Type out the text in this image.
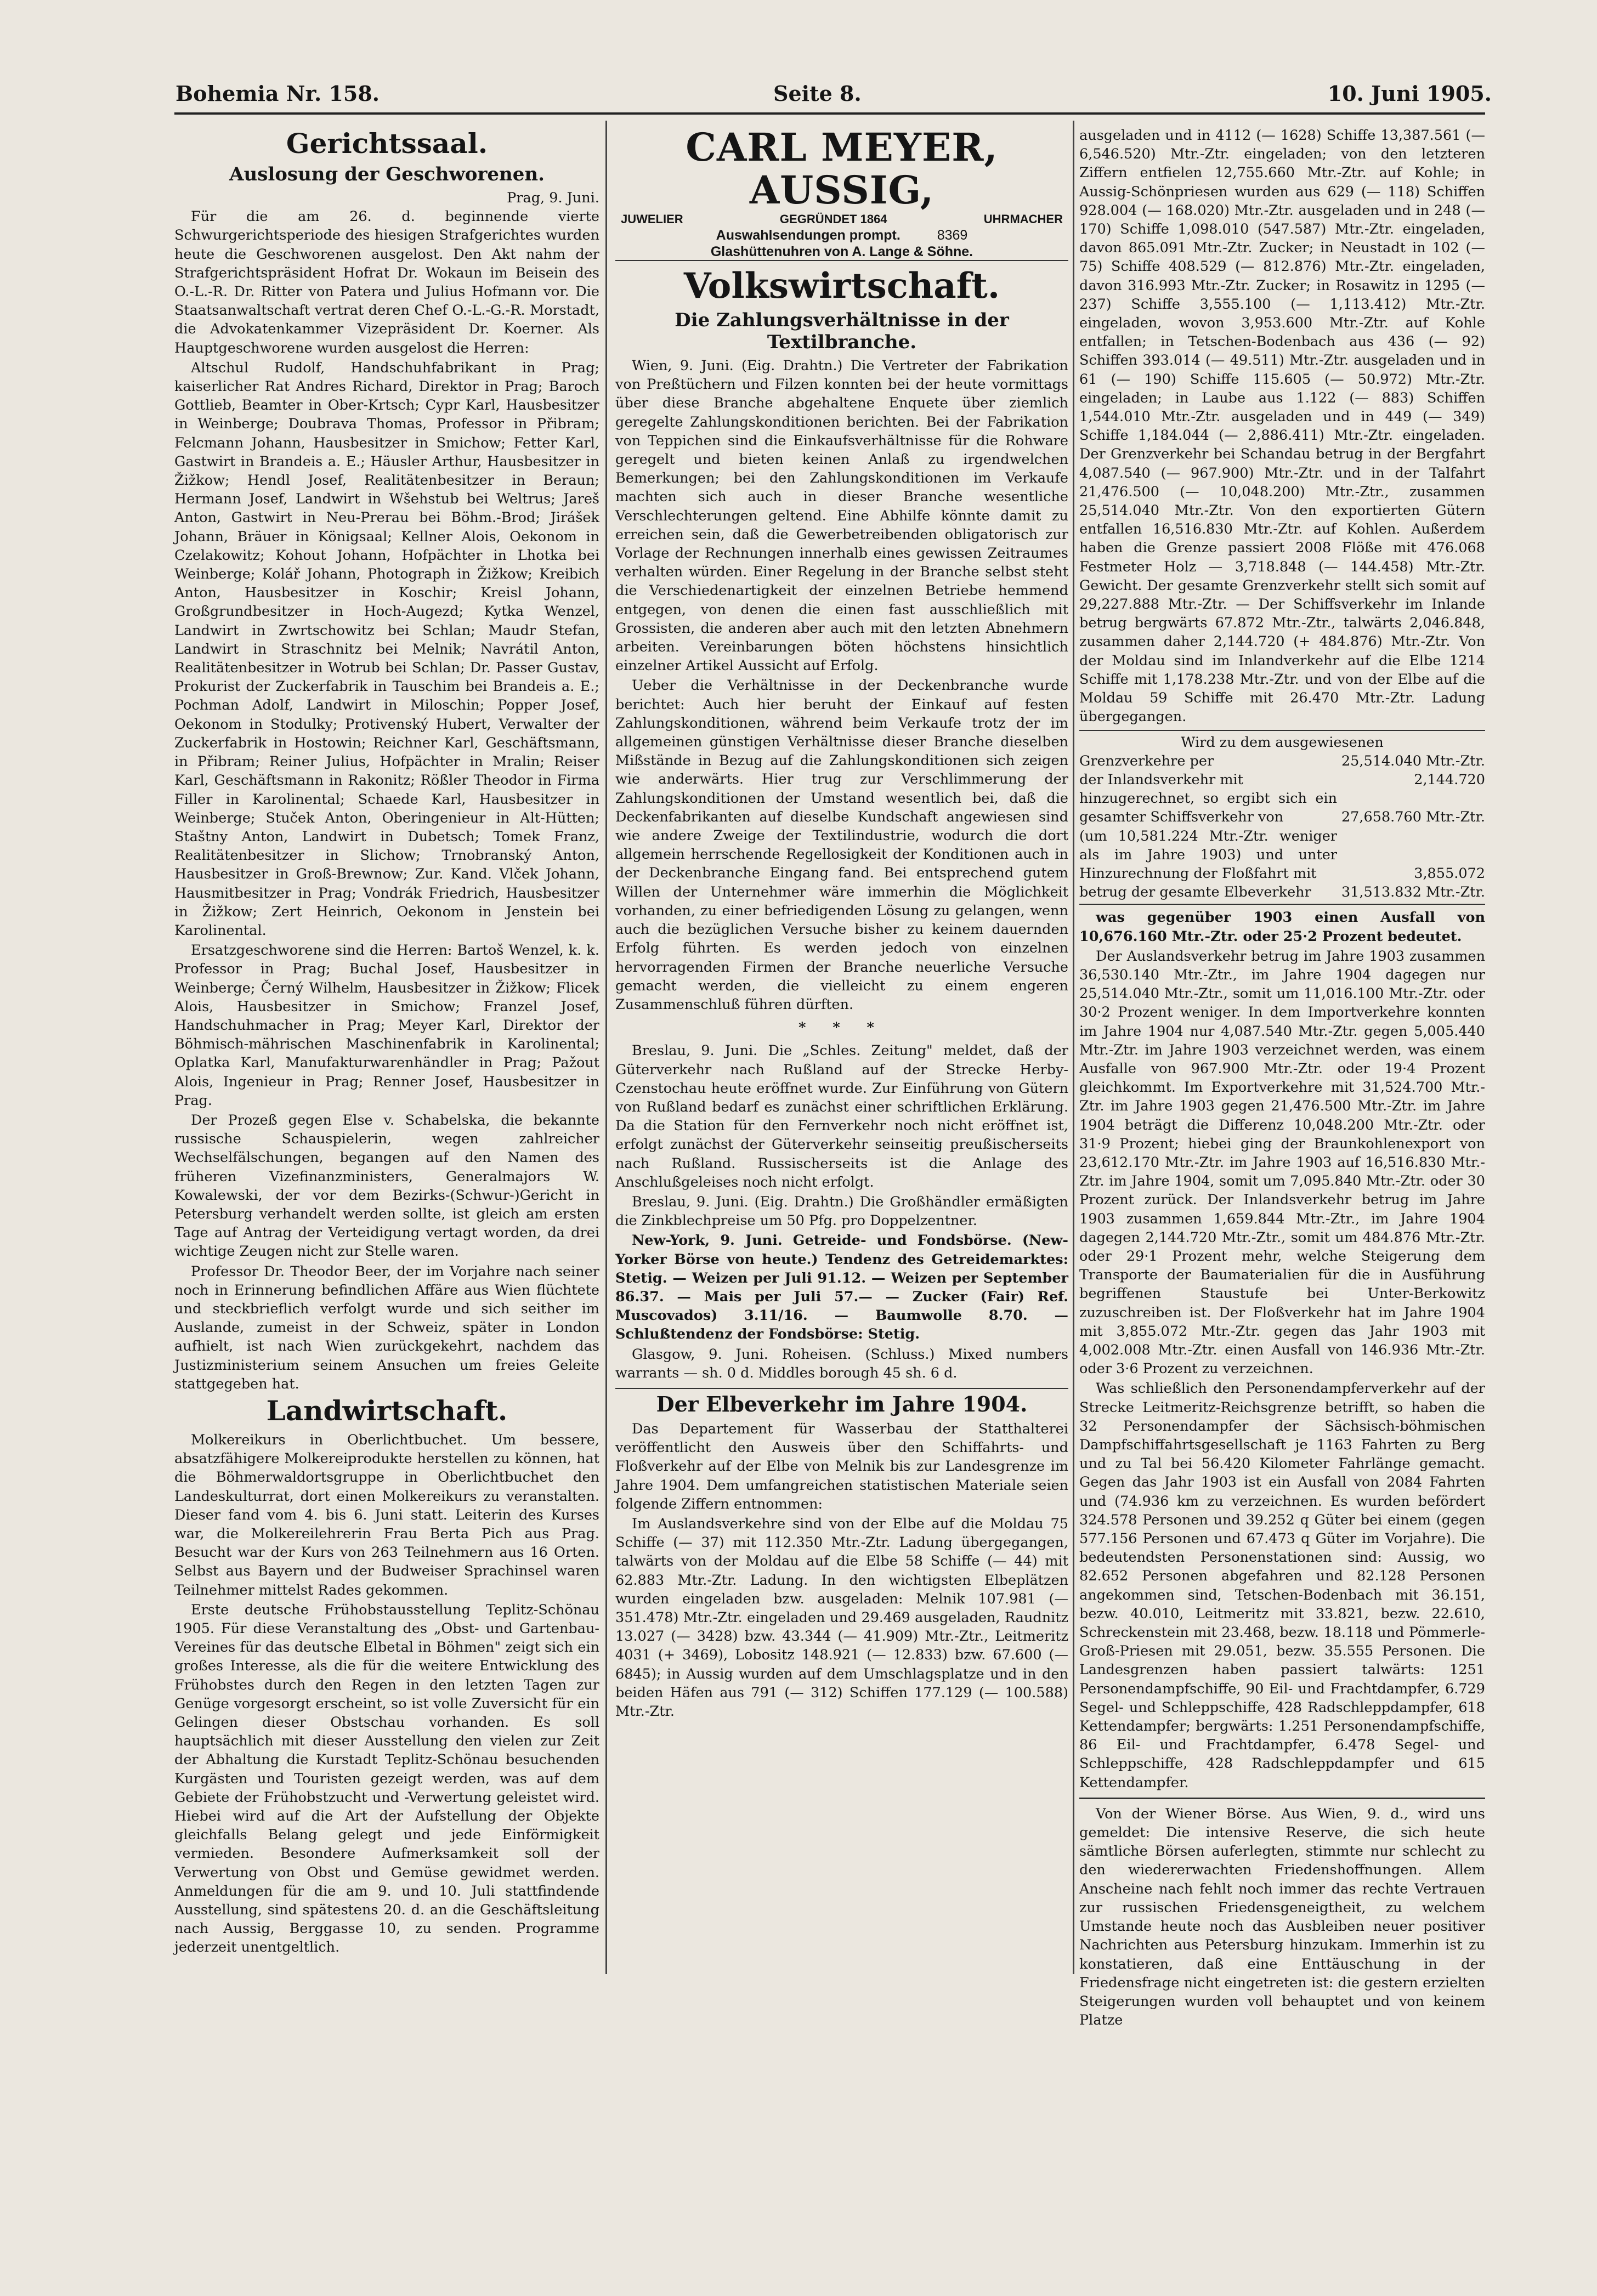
Bohemia Nr. 158.	Seite 8.	10. Juni 1905.
Gerichtssaal.
Auslosung der Geschworenen.

Prag, 9. Juni.

Für die am 26. d. beginnende vierte Schwurgerichtsperiode des hiesigen Strafgerichtes wurden heute die Geschworenen ausgelost. Den Akt nahm der Strafgerichtspräsident Hofrat Dr. Wokaun im Beisein des O.-L.-R. Dr. Ritter von Patera und Julius Hofmann vor. Die Staatsanwaltschaft vertrat deren Chef O.-L.-G.-R. Morstadt, die Advokatenkammer Vizepräsident Dr. Koerner. Als Hauptgeschworene wurden ausgelost die Herren:

Altschul Rudolf, Handschuhfabrikant in Prag; kaiserlicher Rat Andres Richard, Direktor in Prag; Baroch Gottlieb, Beamter in Ober-Krtsch; Cypr Karl, Hausbesitzer in Weinberge; Doubrava Thomas, Professor in Přibram; Felcmann Johann, Hausbesitzer in Smichow; Fetter Karl, Gastwirt in Brandeis a. E.; Häusler Arthur, Hausbesitzer in Žižkow; Hendl Josef, Realitätenbesitzer in Beraun; Hermann Josef, Landwirt in Wšehstub bei Weltrus; Jareš Anton, Gastwirt in Neu-Prerau bei Böhm.-Brod; Jirášek Johann, Bräuer in Königsaal; Kellner Alois, Oekonom in Czelakowitz; Kohout Johann, Hofpächter in Lhotka bei Weinberge; Kolář Johann, Photograph in Žižkow; Kreibich Anton, Hausbesitzer in Koschir; Kreisl Johann, Großgrundbesitzer in Hoch-Augezd; Kytka Wenzel, Landwirt in Zwrtschowitz bei Schlan; Maudr Stefan, Landwirt in Straschnitz bei Melnik; Navrátil Anton, Realitätenbesitzer in Wotrub bei Schlan; Dr. Passer Gustav, Prokurist der Zuckerfabrik in Tauschim bei Brandeis a. E.; Pochman Adolf, Landwirt in Miloschin; Popper Josef, Oekonom in Stodulky; Protivenský Hubert, Verwalter der Zuckerfabrik in Hostowin; Reichner Karl, Geschäftsmann, in Přibram; Reiner Julius, Hofpächter in Mralin; Reiser Karl, Geschäftsmann in Rakonitz; Rößler Theodor in Firma Filler in Karolinental; Schaede Karl, Hausbesitzer in Weinberge; Stuček Anton, Oberingenieur in Alt-Hütten; Staštny Anton, Landwirt in Dubetsch; Tomek Franz, Realitätenbesitzer in Slichow; Trnobranský Anton, Hausbesitzer in Groß-Brewnow; Zur. Kand. Vlček Johann, Hausmitbesitzer in Prag; Vondrák Friedrich, Hausbesitzer in Žižkow; Zert Heinrich, Oekonom in Jenstein bei Karolinental.

Ersatzgeschworene sind die Herren: Bartoš Wenzel, k. k. Professor in Prag; Buchal Josef, Hausbesitzer in Weinberge; Černý Wilhelm, Hausbesitzer in Žižkow; Flicek Alois, Hausbesitzer in Smichow; Franzel Josef, Handschuhmacher in Prag; Meyer Karl, Direktor der Böhmisch-mährischen Maschinenfabrik in Karolinental; Oplatka Karl, Manufakturwarenhändler in Prag; Pažout Alois, Ingenieur in Prag; Renner Josef, Hausbesitzer in Prag.

Der Prozeß gegen Else v. Schabelska, die bekannte russische Schauspielerin, wegen zahlreicher Wechselfälschungen, begangen auf den Namen des früheren Vizefinanzministers, Generalmajors W. Kowalewski, der vor dem Bezirks-(Schwur-)Gericht in Petersburg verhandelt werden sollte, ist gleich am ersten Tage auf Antrag der Verteidigung vertagt worden, da drei wichtige Zeugen nicht zur Stelle waren.

Professor Dr. Theodor Beer, der im Vorjahre nach seiner noch in Erinnerung befindlichen Affäre aus Wien flüchtete und steckbrieflich verfolgt wurde und sich seither im Auslande, zumeist in der Schweiz, später in London aufhielt, ist nach Wien zurückgekehrt, nachdem das Justizministerium seinem Ansuchen um freies Geleite stattgegeben hat.

Landwirtschaft.

Molkereikurs in Oberlichtbuchet. Um bessere, absatzfähigere Molkereiprodukte herstellen zu können, hat die Böhmerwaldortsgruppe in Oberlichtbuchet den Landeskulturrat, dort einen Molkereikurs zu veranstalten. Dieser fand vom 4. bis 6. Juni statt. Leiterin des Kurses war, die Molkereilehrerin Frau Berta Pich aus Prag. Besucht war der Kurs von 263 Teilnehmern aus 16 Orten. Selbst aus Bayern und der Budweiser Sprachinsel waren Teilnehmer mittelst Rades gekommen.

Erste deutsche Frühobstausstellung Teplitz-Schönau 1905. Für diese Veranstaltung des „Obst- und Gartenbau-Vereines für das deutsche Elbetal in Böhmen" zeigt sich ein großes Interesse, als die für die weitere Entwicklung des Frühobstes durch den Regen in den letzten Tagen zur Genüge vorgesorgt erscheint, so ist volle Zuversicht für ein Gelingen dieser Obstschau vorhanden. Es soll hauptsächlich mit dieser Ausstellung den vielen zur Zeit der Abhaltung die Kurstadt Teplitz-Schönau besuchenden Kurgästen und Touristen gezeigt werden, was auf dem Gebiete der Frühobstzucht und -Verwertung geleistet wird. Hiebei wird auf die Art der Aufstellung der Objekte gleichfalls Belang gelegt und jede Einförmigkeit vermieden. Besondere Aufmerksamkeit soll der Verwertung von Obst und Gemüse gewidmet werden. Anmeldungen für die am 9. und 10. Juli stattfindende Ausstellung, sind spätestens 20. d. an die Geschäftsleitung nach Aussig, Berggasse 10, zu senden. Programme jederzeit unentgeltlich.

CARL MEYER, AUSSIG,
JUWELIER	GEGRÜNDET 1864	UHRMACHER
Auswahlsendungen prompt.	8369
Glashüttenuhren von A. Lange & Söhne.
Volkswirtschaft.
Die Zahlungsverhältnisse in der Textilbranche.

Wien, 9. Juni. (Eig. Drahtn.) Die Vertreter der Fabrikation von Preßtüchern und Filzen konnten bei der heute vormittags über diese Branche abgehaltene Enquete über ziemlich geregelte Zahlungskonditionen berichten. Bei der Fabrikation von Teppichen sind die Einkaufsverhältnisse für die Rohware geregelt und bieten keinen Anlaß zu irgendwelchen Bemerkungen; bei den Zahlungskonditionen im Verkaufe machten sich auch in dieser Branche wesentliche Verschlechterungen geltend. Eine Abhilfe könnte damit zu erreichen sein, daß die Gewerbetreibenden obligatorisch zur Vorlage der Rechnungen innerhalb eines gewissen Zeitraumes verhalten würden. Einer Regelung in der Branche selbst steht die Verschiedenartigkeit der einzelnen Betriebe hemmend entgegen, von denen die einen fast ausschließlich mit Grossisten, die anderen aber auch mit den letzten Abnehmern arbeiten. Vereinbarungen böten höchstens hinsichtlich einzelner Artikel Aussicht auf Erfolg.

Ueber die Verhältnisse in der Deckenbranche wurde berichtet: Auch hier beruht der Einkauf auf festen Zahlungskonditionen, während beim Verkaufe trotz der im allgemeinen günstigen Verhältnisse dieser Branche dieselben Mißstände in Bezug auf die Zahlungskonditionen sich zeigen wie anderwärts. Hier trug zur Verschlimmerung der Zahlungskonditionen der Umstand wesentlich bei, daß die Deckenfabrikanten auf dieselbe Kundschaft angewiesen sind wie andere Zweige der Textilindustrie, wodurch die dort allgemein herrschende Regellosigkeit der Konditionen auch in der Deckenbranche Eingang fand. Bei entsprechend gutem Willen der Unternehmer wäre immerhin die Möglichkeit vorhanden, zu einer befriedigenden Lösung zu gelangen, wenn auch die bezüglichen Versuche bisher zu keinem dauernden Erfolg führten. Es werden jedoch von einzelnen hervorragenden Firmen der Branche neuerliche Versuche gemacht werden, die vielleicht zu einem engeren Zusammenschluß führen dürften.

* * *

Breslau, 9. Juni. Die „Schles. Zeitung" meldet, daß der Güterverkehr nach Rußland auf der Strecke Herby-Czenstochau heute eröffnet wurde. Zur Einführung von Gütern von Rußland bedarf es zunächst einer schriftlichen Erklärung. Da die Station für den Fernverkehr noch nicht eröffnet ist, erfolgt zunächst der Güterverkehr seinseitig preußischerseits nach Rußland. Russischerseits ist die Anlage des Anschlußgeleises noch nicht erfolgt.

Breslau, 9. Juni. (Eig. Drahtn.) Die Großhändler ermäßigten die Zinkblechpreise um 50 Pfg. pro Doppelzentner.

New-York, 9. Juni. Getreide- und Fondsbörse. (New-Yorker Börse von heute.) Tendenz des Getreidemarktes: Stetig. — Weizen per Juli 91.12. — Weizen per September 86.37. — Mais per Juli 57.— — Zucker (Fair) Ref. Muscovados) 3.11/16. — Baumwolle 8.70. — Schlußtendenz der Fondsbörse: Stetig.

Glasgow, 9. Juni. Roheisen. (Schluss.) Mixed numbers warrants — sh. 0 d. Middles borough 45 sh. 6 d.

Der Elbeverkehr im Jahre 1904.

Das Departement für Wasserbau der Statthalterei veröffentlicht den Ausweis über den Schiffahrts- und Floßverkehr auf der Elbe von Melnik bis zur Landesgrenze im Jahre 1904. Dem umfangreichen statistischen Materiale seien folgende Ziffern entnommen:

Im Auslandsverkehre sind von der Elbe auf die Moldau 75 Schiffe (— 37) mit 112.350 Mtr.-Ztr. Ladung übergegangen, talwärts von der Moldau auf die Elbe 58 Schiffe (— 44) mit 62.883 Mtr.-Ztr. Ladung. In den wichtigsten Elbeplätzen wurden eingeladen bzw. ausgeladen: Melnik 107.981 (— 351.478) Mtr.-Ztr. eingeladen und 29.469 ausgeladen, Raudnitz 13.027 (— 3428) bzw. 43.344 (— 41.909) Mtr.-Ztr., Leitmeritz 4031 (+ 3469), Lobositz 148.921 (— 12.833) bzw. 67.600 (— 6845); in Aussig wurden auf dem Umschlagsplatze und in den beiden Häfen aus 791 (— 312) Schiffen 177.129 (— 100.588) Mtr.-Ztr.

ausgeladen und in 4112 (— 1628) Schiffe 13,387.561 (— 6,546.520) Mtr.-Ztr. eingeladen; von den letzteren Ziffern entfielen 12,755.660 Mtr.-Ztr. auf Kohle; in Aussig-Schönpriesen wurden aus 629 (— 118) Schiffen 928.004 (— 168.020) Mtr.-Ztr. ausgeladen und in 248 (— 170) Schiffe 1,098.010 (547.587) Mtr.-Ztr. eingeladen, davon 865.091 Mtr.-Ztr. Zucker; in Neustadt in 102 (— 75) Schiffe 408.529 (— 812.876) Mtr.-Ztr. eingeladen, davon 316.993 Mtr.-Ztr. Zucker; in Rosawitz in 1295 (— 237) Schiffe 3,555.100 (— 1,113.412) Mtr.-Ztr. eingeladen, wovon 3,953.600 Mtr.-Ztr. auf Kohle entfallen; in Tetschen-Bodenbach aus 436 (— 92) Schiffen 393.014 (— 49.511) Mtr.-Ztr. ausgeladen und in 61 (— 190) Schiffe 115.605 (— 50.972) Mtr.-Ztr. eingeladen; in Laube aus 1.122 (— 883) Schiffen 1,544.010 Mtr.-Ztr. ausgeladen und in 449 (— 349) Schiffe 1,184.044 (— 2,886.411) Mtr.-Ztr. eingeladen. Der Grenzverkehr bei Schandau betrug in der Bergfahrt 4,087.540 (— 967.900) Mtr.-Ztr. und in der Talfahrt 21,476.500 (— 10,048.200) Mtr.-Ztr., zusammen 25,514.040 Mtr.-Ztr. Von den exportierten Gütern entfallen 16,516.830 Mtr.-Ztr. auf Kohlen. Außerdem haben die Grenze passiert 2008 Flöße mit 476.068 Festmeter Holz — 3,718.848 (— 144.458) Mtr.-Ztr. Gewicht. Der gesamte Grenzverkehr stellt sich somit auf 29,227.888 Mtr.-Ztr. — Der Schiffsverkehr im Inlande betrug bergwärts 67.872 Mtr.-Ztr., talwärts 2,046.848, zusammen daher 2,144.720 (+ 484.876) Mtr.-Ztr. Von der Moldau sind im Inlandverkehr auf die Elbe 1214 Schiffe mit 1,178.238 Mtr.-Ztr. und von der Elbe auf die Moldau 59 Schiffe mit 26.470 Mtr.-Ztr. Ladung übergegangen.

Wird zu dem ausgewiesenen
Grenzverkehre per	25,514.040 Mtr.-Ztr.
der Inlandsverkehr mit	2,144.720
hinzugerechnet, so ergibt sich ein gesamter Schiffsverkehr von	27,658.760 Mtr.-Ztr.
(um 10,581.224 Mtr.-Ztr. weniger als im Jahre 1903) und unter Hinzurechnung der Floßfahrt mit	3,855.072
betrug der gesamte Elbeverkehr 31,513.832 Mtr.-Ztr.

was gegenüber 1903 einen Ausfall von 10,676.160 Mtr.-Ztr. oder 25·2 Prozent bedeutet.

Der Auslandsverkehr betrug im Jahre 1903 zusammen 36,530.140 Mtr.-Ztr., im Jahre 1904 dagegen nur 25,514.040 Mtr.-Ztr., somit um 11,016.100 Mtr.-Ztr. oder 30·2 Prozent weniger. In dem Importverkehre konnten im Jahre 1904 nur 4,087.540 Mtr.-Ztr. gegen 5,005.440 Mtr.-Ztr. im Jahre 1903 verzeichnet werden, was einem Ausfalle von 967.900 Mtr.-Ztr. oder 19·4 Prozent gleichkommt. Im Exportverkehre mit 31,524.700 Mtr.-Ztr. im Jahre 1903 gegen 21,476.500 Mtr.-Ztr. im Jahre 1904 beträgt die Differenz 10,048.200 Mtr.-Ztr. oder 31·9 Prozent; hiebei ging der Braunkohlenexport von 23,612.170 Mtr.-Ztr. im Jahre 1903 auf 16,516.830 Mtr.-Ztr. im Jahre 1904, somit um 7,095.840 Mtr.-Ztr. oder 30 Prozent zurück. Der Inlandsverkehr betrug im Jahre 1903 zusammen 1,659.844 Mtr.-Ztr., im Jahre 1904 dagegen 2,144.720 Mtr.-Ztr., somit um 484.876 Mtr.-Ztr. oder 29·1 Prozent mehr, welche Steigerung dem Transporte der Baumaterialien für die in Ausführung begriffenen Staustufe bei Unter-Berkowitz zuzuschreiben ist. Der Floßverkehr hat im Jahre 1904 mit 3,855.072 Mtr.-Ztr. gegen das Jahr 1903 mit 4,002.008 Mtr.-Ztr. einen Ausfall von 146.936 Mtr.-Ztr. oder 3·6 Prozent zu verzeichnen.

Was schließlich den Personendampferverkehr auf der Strecke Leitmeritz-Reichsgrenze betrifft, so haben die 32 Personendampfer der Sächsisch-böhmischen Dampfschiffahrtsgesellschaft je 1163 Fahrten zu Berg und zu Tal bei 56.420 Kilometer Fahrlänge gemacht. Gegen das Jahr 1903 ist ein Ausfall von 2084 Fahrten und (74.936 km zu verzeichnen. Es wurden befördert 324.578 Personen und 39.252 q Güter bei einem (gegen 577.156 Personen und 67.473 q Güter im Vorjahre). Die bedeutendsten Personenstationen sind: Aussig, wo 82.652 Personen abgefahren und 82.128 Personen angekommen sind, Tetschen-Bodenbach mit 36.151, bezw. 40.010, Leitmeritz mit 33.821, bezw. 22.610, Schreckenstein mit 23.468, bezw. 18.118 und Pömmerle-Groß-Priesen mit 29.051, bezw. 35.555 Personen. Die Landesgrenzen haben passiert talwärts: 1251 Personendampfschiffe, 90 Eil- und Frachtdampfer, 6.729 Segel- und Schleppschiffe, 428 Radschleppdampfer, 618 Kettendampfer; bergwärts: 1.251 Personendampfschiffe, 86 Eil- und Frachtdampfer, 6.478 Segel- und Schleppschiffe, 428 Radschleppdampfer und 615 Kettendampfer.

Von der Wiener Börse. Aus Wien, 9. d., wird uns gemeldet: Die intensive Reserve, die sich heute sämtliche Börsen auferlegten, stimmte nur schlecht zu den wiedererwachten Friedenshoffnungen. Allem Anscheine nach fehlt noch immer das rechte Vertrauen zur russischen Friedensgeneigtheit, zu welchem Umstande heute noch das Ausbleiben neuer positiver Nachrichten aus Petersburg hinzukam. Immerhin ist zu konstatieren, daß eine Enttäuschung in der Friedensfrage nicht eingetreten ist: die gestern erzielten Steigerungen wurden voll behauptet und von keinem Platze
